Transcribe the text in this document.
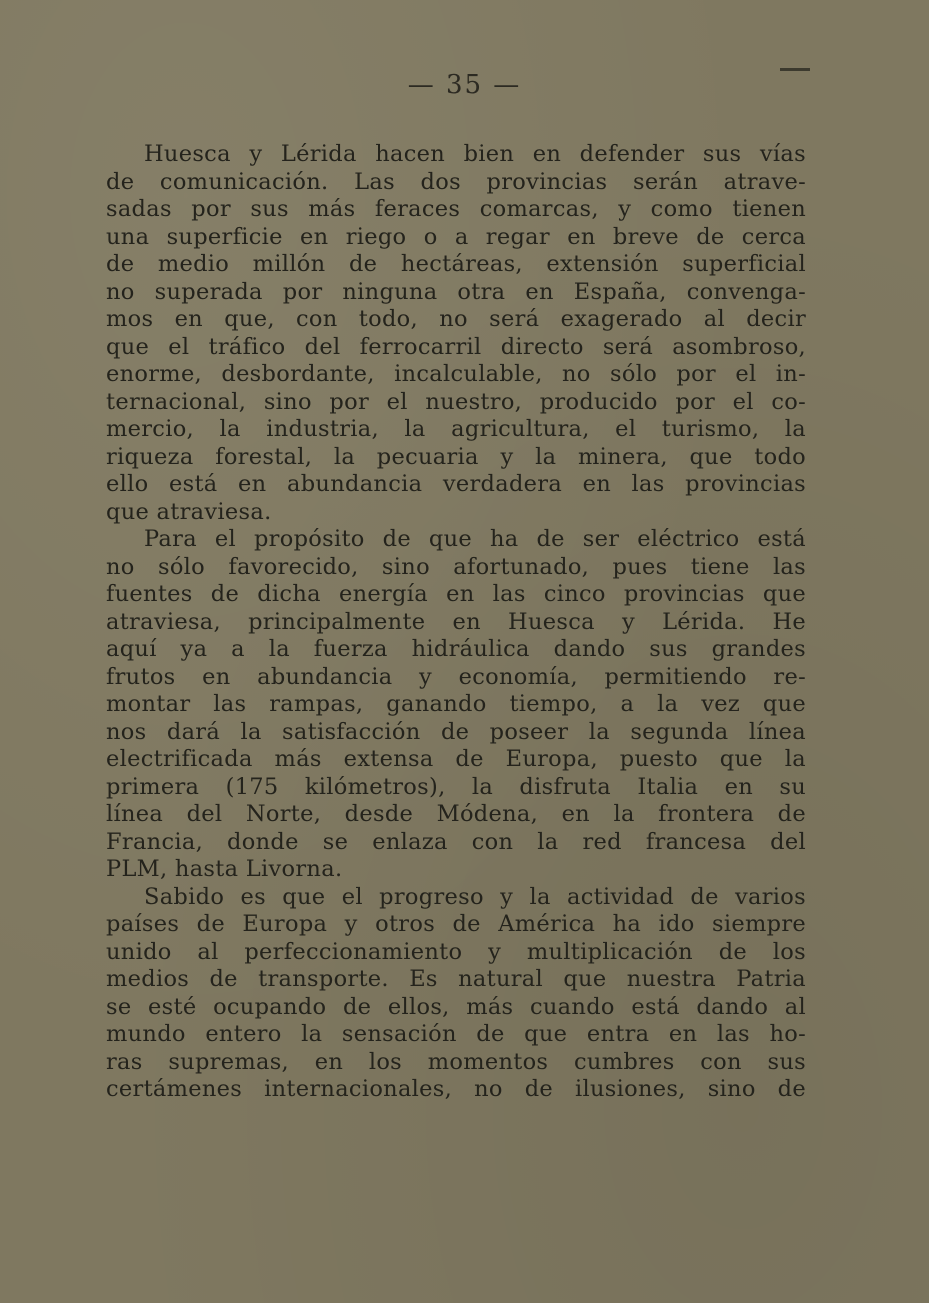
— 35 —
Huesca y Lérida hacen bien en defender sus vías
de comunicación. Las dos provincias serán atrave-
sadas por sus más feraces comarcas, y como tienen
una superficie en riego o a regar en breve de cerca
de medio millón de hectáreas, extensión superficial
no superada por ninguna otra en España, convenga-
mos en que, con todo, no será exagerado al decir
que el tráfico del ferrocarril directo será asombroso,
enorme, desbordante, incalculable, no sólo por el in-
ternacional, sino por el nuestro, producido por el co-
mercio, la industria, la agricultura, el turismo, la
riqueza forestal, la pecuaria y la minera, que todo
ello está en abundancia verdadera en las provincias
que atraviesa.
Para el propósito de que ha de ser eléctrico está
no sólo favorecido, sino afortunado, pues tiene las
fuentes de dicha energía en las cinco provincias que
atraviesa, principalmente en Huesca y Lérida. He
aquí ya a la fuerza hidráulica dando sus grandes
frutos en abundancia y economía, permitiendo re-
montar las rampas, ganando tiempo, a la vez que
nos dará la satisfacción de poseer la segunda línea
electrificada más extensa de Europa, puesto que la
primera (175 kilómetros), la disfruta Italia en su
línea del Norte, desde Módena, en la frontera de
Francia, donde se enlaza con la red francesa del
PLM, hasta Livorna.
Sabido es que el progreso y la actividad de varios
países de Europa y otros de América ha ido siempre
unido al perfeccionamiento y multiplicación de los
medios de transporte. Es natural que nuestra Patria
se esté ocupando de ellos, más cuando está dando al
mundo entero la sensación de que entra en las ho-
ras supremas, en los momentos cumbres con sus
certámenes internacionales, no de ilusiones, sino de
